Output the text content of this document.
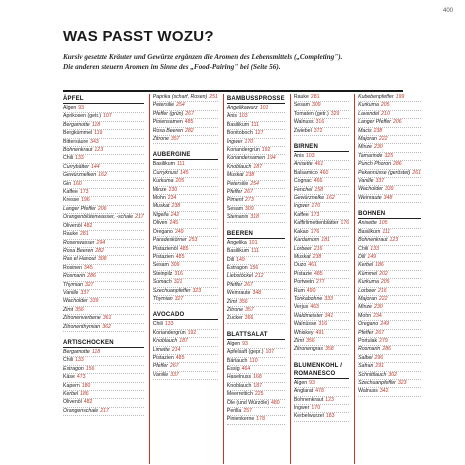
400
WAS PASST WOZU?

Kursiv gesetzte Kräuter und Gewürze ergänzen die Aromen des Lebensmittels („Completing").

Die anderen steuern Aromen im Sinne des „Food-Pairing" bei (Seite 56).

ÄPFEL
Algen 93
Aprikosen (getr.) 107
Bergamotte 118
Bergkümmel 119
Bittersäure 343
Bohnenkraut 123
Chili 133
Currybätter 144
Gewürznelken 162
Gin 160
Kaffee 173
Kresse 196
Langer Pfeffer 206
Orangenblütenwasser, -schale 217
Olivenöl 482
Rauke 281
Rosenwasser 294
Rosa Beeren 282
Ras el Hanout 308
Rosinen 345
Rosmarin 286
Thymian 327
Vanille 337
Wacholder 339
Zimt 356
Zitronenverbene 361
Zitronenthymian 362
ARTISCHOCKEN
Bergamotte 118
Chili 133
Estragon 156
Käse 473
Kapern 180
Kerbel 186
Olivenöl 482
Orangenschale 217
Paprika (scharf, Rosen) 251
Petersilie 254
Pfeffer (grün) 267
Piniensamen 485
Rosa Beeren 282
Zitrone 357
AUBERGINE
Basilikum 111
Curryknust 145
Kurkuma 205
Minze 230
Mohn 234
Muskat 238
Nigella 242
Oliven 245
Oregano 249
Paradeskörner 253
Pistazienöl 485
Pistazien 485
Sesam 309
Steinpilz 316
Sumach 321
Szechuanpfeffer 323
Thymian 327
AVOCADO
Chili 133
Koriandergrün 192
Knoblauch 187
Limette 214
Pistazien 485
Pfeffer 267
Vanille 337
BAMBUSSPROSSE
Angelikawurz 101
Anis 103
Basilikum 111
Bonitoboch 127
Ingwer 170
Koriandergrün 192
Koriandersamen 194
Knoblauch 187
Muskat 238
Petersilie 254
Pfeffer 267
Piment 273
Sesam 309
Steinanis 318
BEEREN
Angelika 101
Basilikum 111
Dill 149
Estragon 156
Liebstöckel 212
Pfeffer 267
Weinraute 348
Zimt 356
Zitrone 357
Zucker 366
BLATTSALAT
Algen 93
Apfelsaft (gepr.) 107
Bärlauch 110
Essig 464
Haselnuss 168
Knoblauch 187
Meerrettich 225
Öle (und Würzöle) 480
Perilla 257
Pinienkerne 178
Rauke 281
Sesam 309
Tomaten (getr.) 329
Walnuss 316
Zwiebel 372
BIRNEN
Anis 103
Anisette 461
Balsamico 460
Cognac 466
Fenchel 158
Gewürznelke 162
Ingwer 170
Kaffee 173
Kaffirlimettenblätter 176
Kakao 176
Kardamom 181
Lorbeer 216
Muskat 238
Ouzo 461
Pistazie 485
Portwein 277
Rum 490
Tonkabohne 333
Verjus 463
Waldmeister 341
Walnüsse 316
Whiskey 491
Zimt 356
Zitronengras 358
BLUMENKOHL / ROMANESCO
Algen 93
Anglarat 478
Bohnenkraut 123
Ingwer 170
Kerbelwurzel 183
Kubebenpfeffer 199
Kurkuma 205
Lavendel 210
Langer Pfeffer 206
Macis 238
Majoran 222
Minze 230
Tamarinde 325
Punch Phoron 286
Pekannüsse (geröstet) 261
Vanille 337
Wacholder 339
Weinraute 348
BOHNEN
Anisette 105
Basilikum 111
Bohnenkraut 123
Chili 133
Dill 149
Kerbel 186
Kümmel 202
Kurkuma 205
Lorbeer 216
Majoran 222
Minze 230
Mohn 234
Oregano 249
Pfeffer 267
Portulak 279
Rosmarin 286
Salbei 296
Safran 291
Schnittlauch 302
Szechuanpfeffer 323
Walnuss 342
